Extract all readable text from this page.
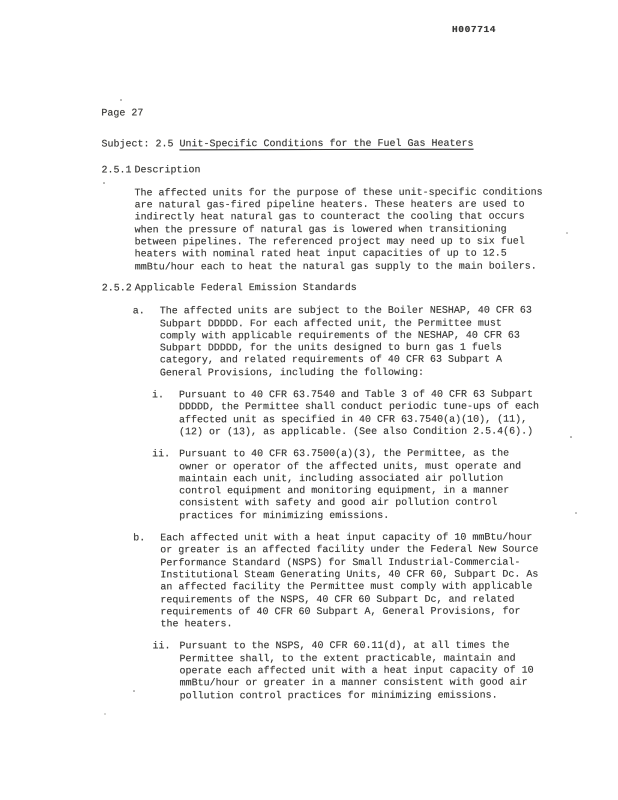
H007714
Page 27
Subject: 2.5 Unit-Specific Conditions for the Fuel Gas Heaters
2.5.1 Description

The affected units for the purpose of these unit-specific conditions are natural gas-fired pipeline heaters. These heaters are used to indirectly heat natural gas to counteract the cooling that occurs when the pressure of natural gas is lowered when transitioning between pipelines. The referenced project may need up to six fuel heaters with nominal rated heat input capacities of up to 12.5 mmBtu/hour each to heat the natural gas supply to the main boilers.

2.5.2 Applicable Federal Emission Standards
a.	The affected units are subject to the Boiler NESHAP, 40 CFR 63 Subpart DDDDD. For each affected unit, the Permittee must comply with applicable requirements of the NESHAP, 40 CFR 63 Subpart DDDDD, for the units designed to burn gas 1 fuels category, and related requirements of 40 CFR 63 Subpart A General Provisions, including the following:
i.	Pursuant to 40 CFR 63.7540 and Table 3 of 40 CFR 63 Subpart DDDDD, the Permittee shall conduct periodic tune-ups of each affected unit as specified in 40 CFR 63.7540(a)(10), (11), (12) or (13), as applicable. (See also Condition 2.5.4(6).)
ii. Pursuant to 40 CFR 63.7500(a)(3), the Permittee, as the owner or operator of the affected units, must operate and maintain each unit, including associated air pollution control equipment and monitoring equipment, in a manner consistent with safety and good air pollution control practices for minimizing emissions.
b.	Each affected unit with a heat input capacity of 10 mmBtu/hour or greater is an affected facility under the Federal New Source Performance Standard (NSPS) for Small Industrial-Commercial-Institutional Steam Generating Units, 40 CFR 60, Subpart Dc. As an affected facility the Permittee must comply with applicable requirements of the NSPS, 40 CFR 60 Subpart Dc, and related requirements of 40 CFR 60 Subpart A, General Provisions, for the heaters.
ii. Pursuant to the NSPS, 40 CFR 60.11(d), at all times the Permittee shall, to the extent practicable, maintain and operate each affected unit with a heat input capacity of 10 mmBtu/hour or greater in a manner consistent with good air pollution control practices for minimizing emissions.
